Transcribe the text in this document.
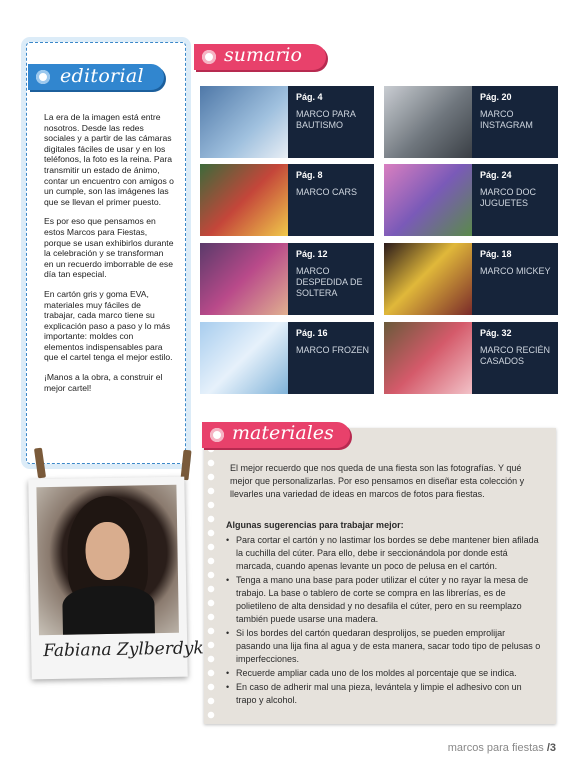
editorial

La era de la imagen está entre nosotros. Desde las redes sociales y a partir de las cámaras digitales fáciles de usar y en los teléfonos, la foto es la reina. Para transmitir un estado de ánimo, contar un encuentro con amigos o un cumple, son las imágenes las que se llevan el primer puesto.

Es por eso que pensamos en estos Marcos para Fiestas, porque se usan exhibirlos durante la celebración y se transforman en un recuerdo imborrable de ese día tan especial.

En cartón gris y goma EVA, materiales muy fáciles de trabajar, cada marco tiene su explicación paso a paso y lo más importante: moldes con elementos indispensables para que el cartel tenga el mejor estilo.

¡Manos a la obra, a construir el mejor cartel!

Fabiana Zylberdyk
sumario
Pág. 4
MARCO PARA BAUTISMO
Pág. 20
MARCO INSTAGRAM
Pág. 8
MARCO CARS
Pág. 24
MARCO DOC JUGUETES
Pág. 12
MARCO DESPEDIDA DE SOLTERA
Pág. 18
MARCO MICKEY
Pág. 16
MARCO FROZEN
Pág. 32
MARCO RECIÉN CASADOS
materiales
El mejor recuerdo que nos queda de una fiesta son las fotografías. Y qué mejor que personalizarlas. Por eso pensamos en diseñar esta colección y llevarles una variedad de ideas en marcos de fotos para fiestas.
Algunas sugerencias para trabajar mejor:
• Para cortar el cartón y no lastimar los bordes se debe mantener bien afilada la cuchilla del cúter. Para ello, debe ir seccionándola por donde está marcada, cuando apenas levante un poco de pelusa en el cartón.
• Tenga a mano una base para poder utilizar el cúter y no rayar la mesa de trabajo. La base o tablero de corte se compra en las librerías, es de polietileno de alta densidad y no desafila el cúter, pero en su reemplazo también puede usarse una madera.
• Si los bordes del cartón quedaran desprolijos, se pueden emprolijar pasando una lija fina al agua y de esta manera, sacar todo tipo de pelusas o imperfecciones.
• Recuerde ampliar cada uno de los moldes al porcentaje que se indica.
• En caso de adherir mal una pieza, levántela y limpie el adhesivo con un trapo y alcohol.
marcos para fiestas /3
